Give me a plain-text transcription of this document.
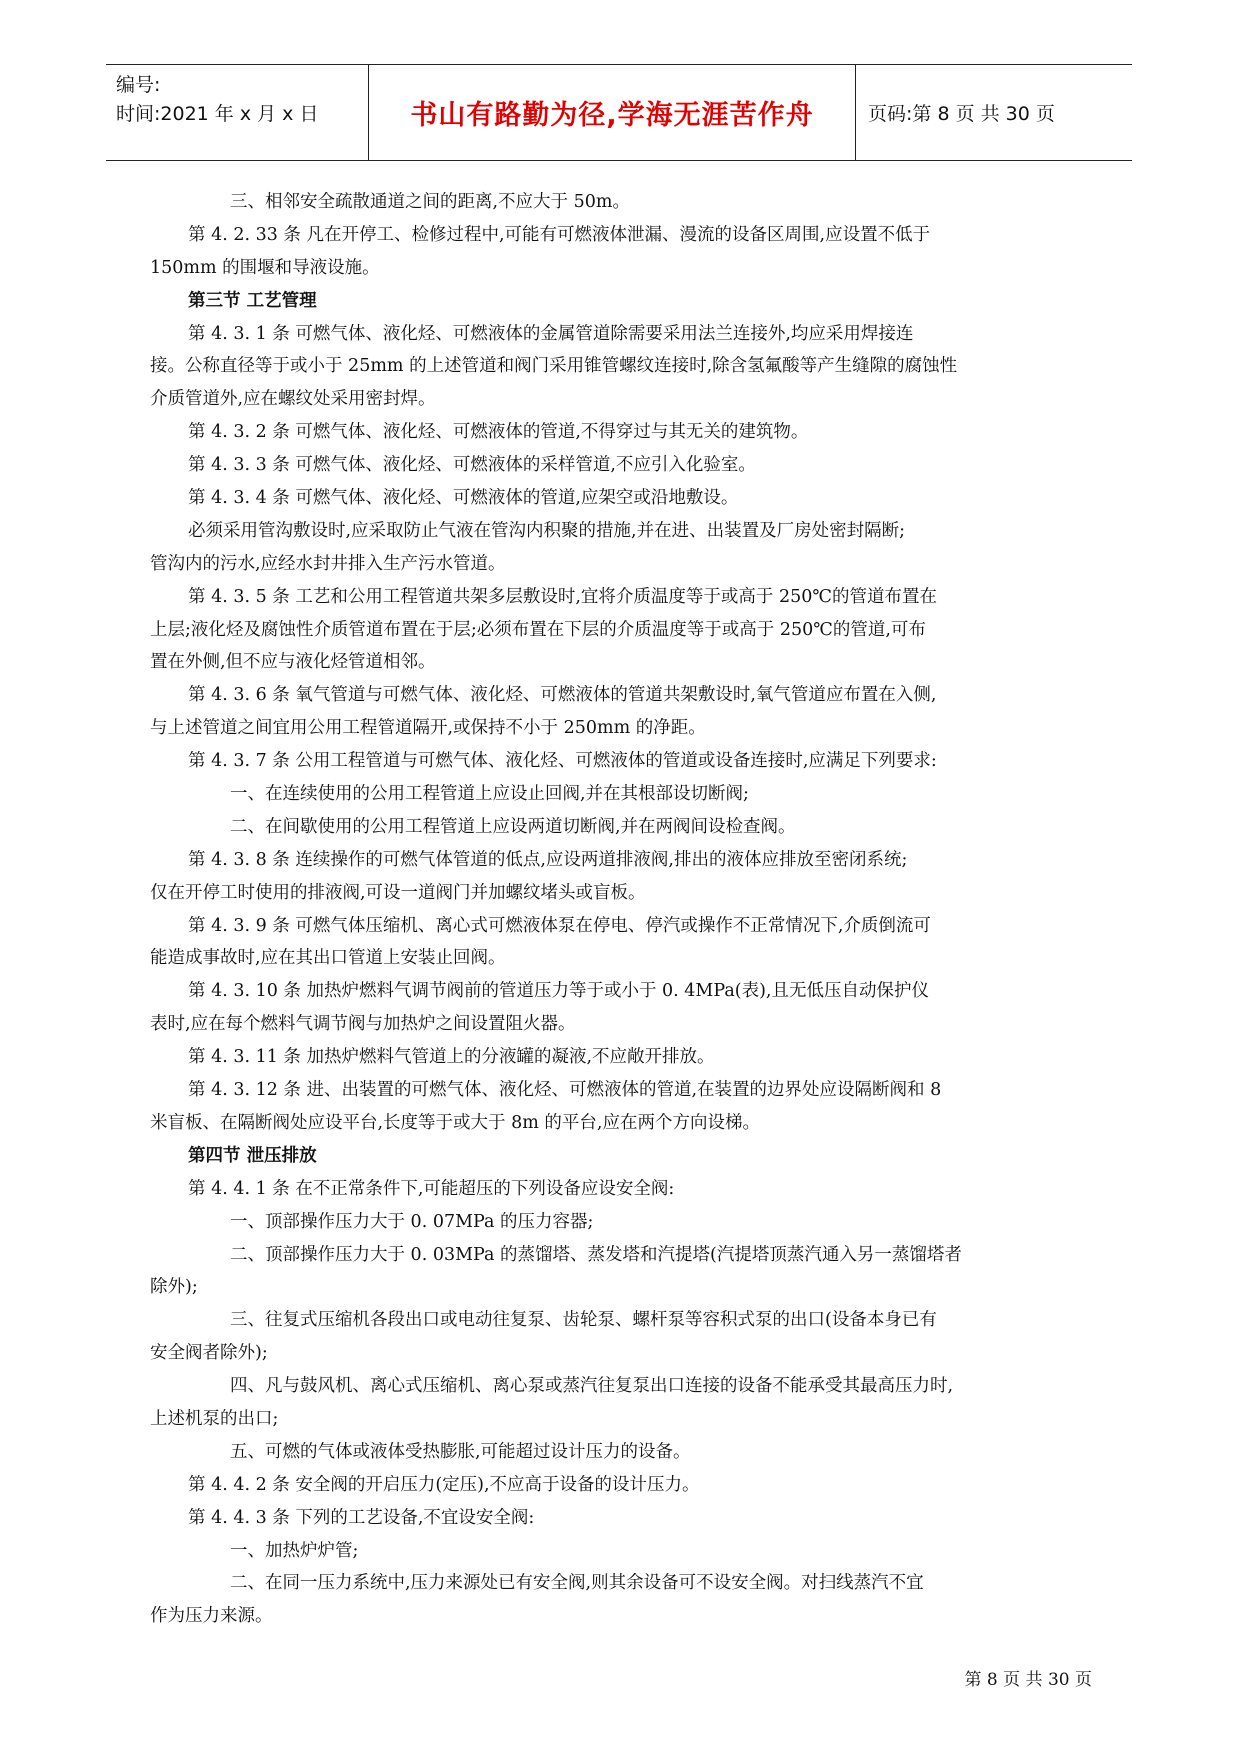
编号:
时间:2021 年 x 月 x 日	书山有路勤为径,学海无涯苦作舟	页码:第 8 页 共 30 页
三、相邻安全疏散通道之间的距离,不应大于 50m。
第 4. 2. 33 条 凡在开停工、检修过程中,可能有可燃液体泄漏、漫流的设备区周围,应设置不低于
150mm 的围堰和导液设施。
第三节 工艺管理
第 4. 3. 1 条 可燃气体、液化烃、可燃液体的金属管道除需要采用法兰连接外,均应采用焊接连
接。公称直径等于或小于 25mm 的上述管道和阀门采用锥管螺纹连接时,除含氢氟酸等产生缝隙的腐蚀性
介质管道外,应在螺纹处采用密封焊。
第 4. 3. 2 条 可燃气体、液化烃、可燃液体的管道,不得穿过与其无关的建筑物。
第 4. 3. 3 条 可燃气体、液化烃、可燃液体的采样管道,不应引入化验室。
第 4. 3. 4 条 可燃气体、液化烃、可燃液体的管道,应架空或沿地敷设。
必须采用管沟敷设时,应采取防止气液在管沟内积聚的措施,并在进、出装置及厂房处密封隔断;
管沟内的污水,应经水封井排入生产污水管道。
第 4. 3. 5 条 工艺和公用工程管道共架多层敷设时,宜将介质温度等于或高于 250℃的管道布置在
上层;液化烃及腐蚀性介质管道布置在于层;必须布置在下层的介质温度等于或高于 250℃的管道,可布
置在外侧,但不应与液化烃管道相邻。
第 4. 3. 6 条 氧气管道与可燃气体、液化烃、可燃液体的管道共架敷设时,氧气管道应布置在入侧,
与上述管道之间宜用公用工程管道隔开,或保持不小于 250mm 的净距。
第 4. 3. 7 条 公用工程管道与可燃气体、液化烃、可燃液体的管道或设备连接时,应满足下列要求:
一、在连续使用的公用工程管道上应设止回阀,并在其根部设切断阀;
二、在间歇使用的公用工程管道上应设两道切断阀,并在两阀间设检查阀。
第 4. 3. 8 条 连续操作的可燃气体管道的低点,应设两道排液阀,排出的液体应排放至密闭系统;
仅在开停工时使用的排液阀,可设一道阀门并加螺纹堵头或盲板。
第 4. 3. 9 条 可燃气体压缩机、离心式可燃液体泵在停电、停汽或操作不正常情况下,介质倒流可
能造成事故时,应在其出口管道上安装止回阀。
第 4. 3. 10 条 加热炉燃料气调节阀前的管道压力等于或小于 0. 4MPa(表),且无低压自动保护仪
表时,应在每个燃料气调节阀与加热炉之间设置阻火器。
第 4. 3. 11 条 加热炉燃料气管道上的分液罐的凝液,不应敞开排放。
第 4. 3. 12 条 进、出装置的可燃气体、液化烃、可燃液体的管道,在装置的边界处应设隔断阀和 8
米盲板、在隔断阀处应设平台,长度等于或大于 8m 的平台,应在两个方向设梯。
第四节 泄压排放
第 4. 4. 1 条 在不正常条件下,可能超压的下列设备应设安全阀:
一、顶部操作压力大于 0. 07MPa 的压力容器;
二、顶部操作压力大于 0. 03MPa 的蒸馏塔、蒸发塔和汽提塔(汽提塔顶蒸汽通入另一蒸馏塔者
除外);
三、往复式压缩机各段出口或电动往复泵、齿轮泵、螺杆泵等容积式泵的出口(设备本身已有
安全阀者除外);
四、凡与鼓风机、离心式压缩机、离心泵或蒸汽往复泵出口连接的设备不能承受其最高压力时,
上述机泵的出口;
五、可燃的气体或液体受热膨胀,可能超过设计压力的设备。
第 4. 4. 2 条 安全阀的开启压力(定压),不应高于设备的设计压力。
第 4. 4. 3 条 下列的工艺设备,不宜设安全阀:
一、加热炉炉管;
二、在同一压力系统中,压力来源处已有安全阀,则其余设备可不设安全阀。对扫线蒸汽不宜
作为压力来源。
第 8 页 共 30 页
